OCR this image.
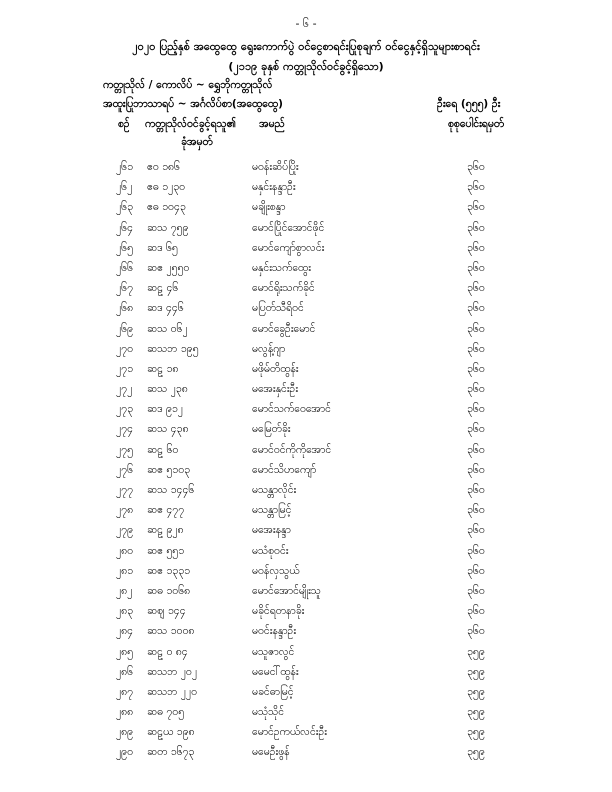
- ၆ -
၂၀၂၀ ပြည့်နှစ် အထွေထွေ ရွေးကောက်ပွဲ ဝင်ငွေစာရင်းပြုစုချက် ဝင်ငွေနှင့်ရှိသူများစာရင်း
(၂၁၁၉ ခုနှစ် ကတ္တုသိုလ်ဝင်ခွင့်ရှိသော)
ကတ္တုသိုလ် / ကောလိပ် ~ ရွှေဘိုကတ္တုသိုလ်
အထူးပြုဘာသာရပ် ~ အင်္ဂလိပ်စာ(အထွေထွေ)	ဦးရေ (၅၅၅) ဦး
စဉ် ကတ္တုသိုလ်ဝင်ခွင့်ရသူ၏
ခုံအမှတ်
အမည်	စုစုပေါင်းရမှတ်
၂၆၁ ဧဝ ၁၈၆	မဝန်းဆိပ်ပြိုး	၃၆၀
၂၆၂ ဧဓ ၁၂၃၀	မနှင်းနန္ဒာဦး	၃၆၀
၂၆၃ ဧဓ ၁၀၄၃	မချိုးစန္ဒာ	၃၆၀
၂၆၄ ဆသ ၇၅၉	မောင်ပြိုင်အောင်ဖိုင်	၃၆၀
၂၆၅ ဆဒ ၆၅	မောင်ကျော်စွာလင်း	၃၆၀
၂၆၆ ဆဧ ၂၅၅၀	မနှင်းသက်ထွေး	၃၆၀
၂၆၇ ဆဠ ၄၆	မောင်ရိုးသက်ခိုင်	၃၆၀
၂၆၈ ဆဒ ၄၄၆	မပြတ်သီရိဝင်	၃၆၀
၂၆၉ ဆသ ၀၆၂	မောင်ခွေဦးမောင်	၃၆၀
၂၇၀ ဆသဘ ၁၉၅	မလွန့်ဂျာ	၃၆၀
၂၇၁ ဆဠ ၁၈	မဖိုမ်တိထွန်း	၃၆၀
၂၇၂ ဆသ ၂၃၈	မအေးနှင်းဦး	၃၆၀
၂၇၃ ဆဒ ၉၁၂	မောင်သက်ဝေအောင်	၃၆၀
၂၇၄ ဆသ ၄၃၈	မမြေတ်ခိုး	၃၆၀
၂၇၅ ဆဠ ၆၀	မောင်ဝင်ကိုကိုအောင်	၃၆၀
၂၇၆ ဆဧ ၅၁၀၃	မောင်သိဟကျော်	၃၆၀
၂၇၇ ဆသ ၁၄၄၆	မသန္တာလိုင်း	၃၆၀
၂၇၈ ဆဧ ၄၇၇	မသန္တာမြင့်	၃၆၀
၂၇၉ ဆဠ ၉၂၈	မအေးနန္ဒာ	၃၆၀
၂၈၀ ဆဧ ၅၅၁	မသံစုဝင်း	၃၆၀
၂၈၁ ဆဧ ၁၃၃၁	မဝန်လှသွယ်	၃၆၀
၂၈၂ ဆဓ ၁၀၆၈	မောင်အောင်မျိုးသူ	၃၆၀
၂၈၃ ဆဈ ၁၄၄	မခိုင်ရတနာခိုး	၃၆၀
၂၈၄ ဆသ ၁၀၀၈	မဝင်းနန္ဒာဦး	၃၆၀
၂၈၅ ဆဠ ၀ ၈၄	မသူဇာလွင်	၃၅၉
၂၈၆ ဆသဘ ၂၀၂	မမေငါ်ထွန်း	၃၅၉
၂၈၇ ဆသဘ ၂၂၀	မခင်ဓာမြင့်	၃၅၉
၂၈၈ ဆဓ ၇၀၅	မသုံသိုင်	၃၅၉
၂၈၉ ဆဠယ ၁၉၈	မောင်ဥကယ်လင်းဦး	၃၅၉
၂၉၀ ဆတ ၁၆၇၃	မမေဦးဖွန်	၃၅၉
